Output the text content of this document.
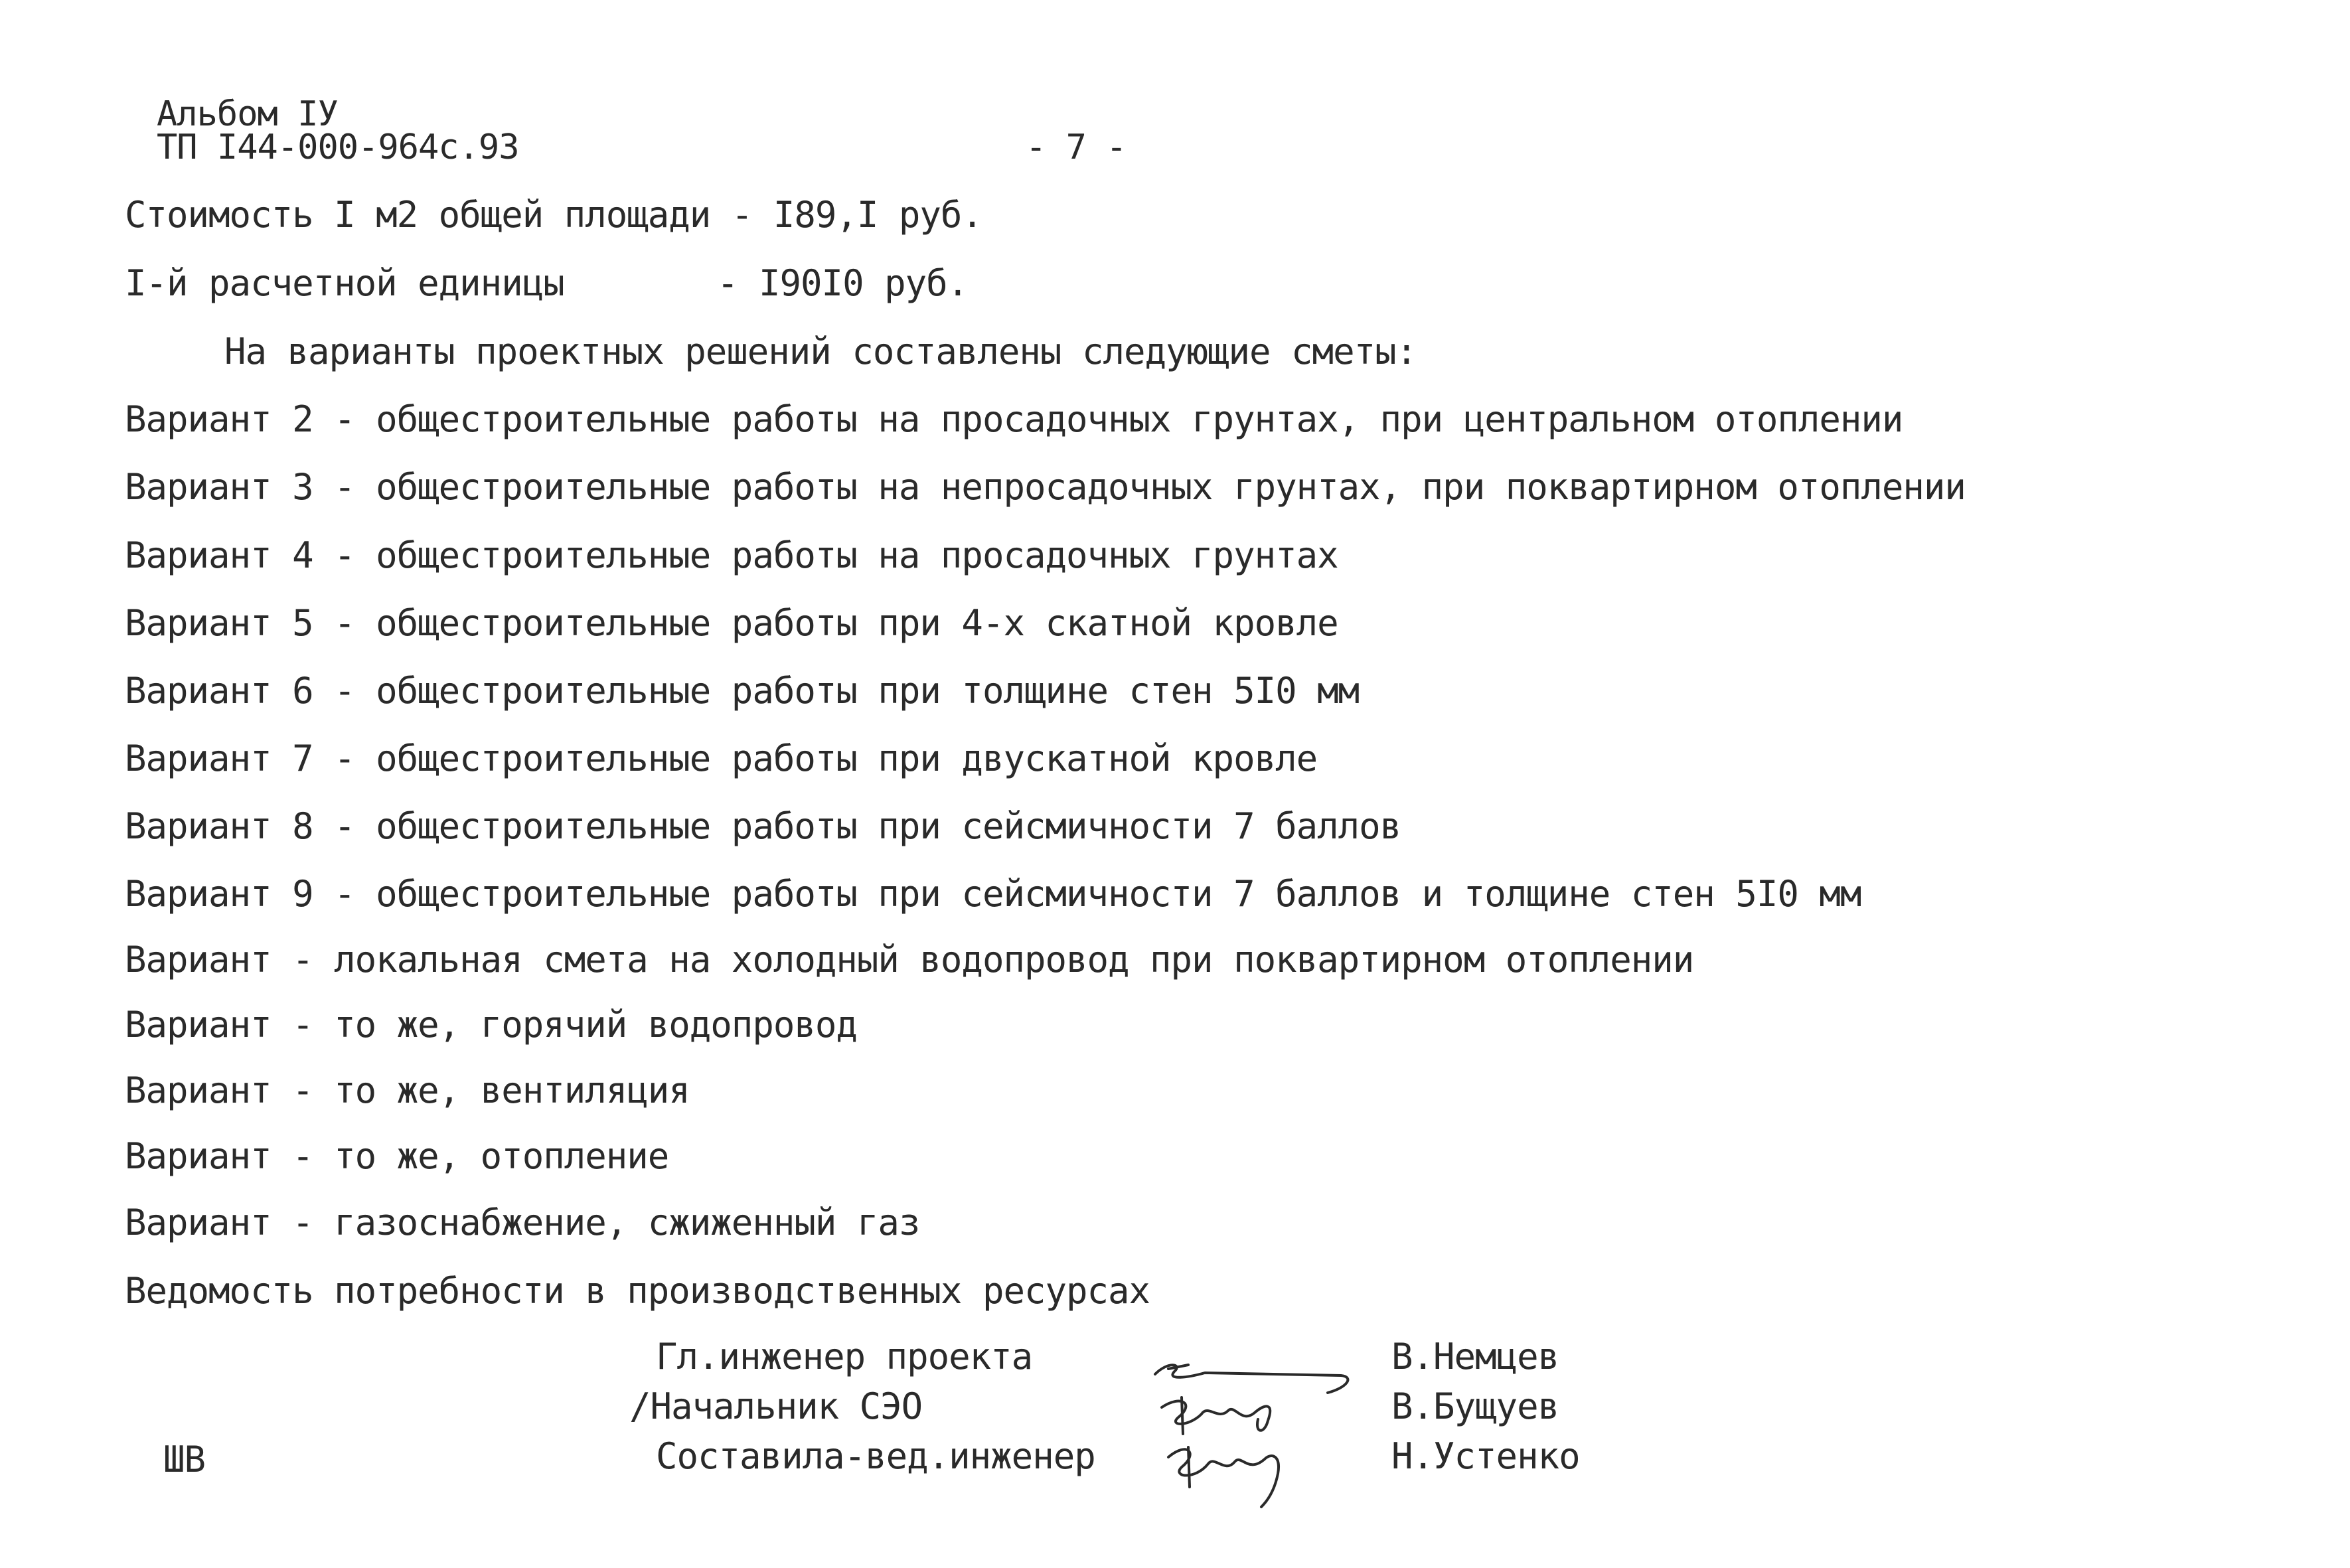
Альбом IУ
ТП I44-000-964с.93	- 7 -
Стоимость I м2 общей площади - I89,I руб.
I-й расчетной единицы	- I90I0 руб.
На варианты проектных решений составлены следующие сметы:
Вариант 2 - общестроительные работы на просадочных грунтах, при центральном отоплении
Вариант 3 - общестроительные работы на непросадочных грунтах, при поквартирном отоплении
Вариант 4 - общестроительные работы на просадочных грунтах
Вариант 5 - общестроительные работы при 4-х скатной кровле
Вариант 6 - общестроительные работы при толщине стен 5I0 мм
Вариант 7 - общестроительные работы при двускатной кровле
Вариант 8 - общестроительные работы при сейсмичности 7 баллов
Вариант 9 - общестроительные работы при сейсмичности 7 баллов и толщине стен 5I0 мм
Вариант - локальная смета на холодный водопровод при поквартирном отоплении
Вариант - то же, горячий водопровод
Вариант - то же, вентиляция
Вариант - то же, отопление
Вариант - газоснабжение, сжиженный газ
Ведомость потребности в производственных ресурсах
Гл.инженер проекта
/Начальник СЭО
Составила-вед.инженер
В.Немцев
В.Бущуев
Н.Устенко
ШВ
